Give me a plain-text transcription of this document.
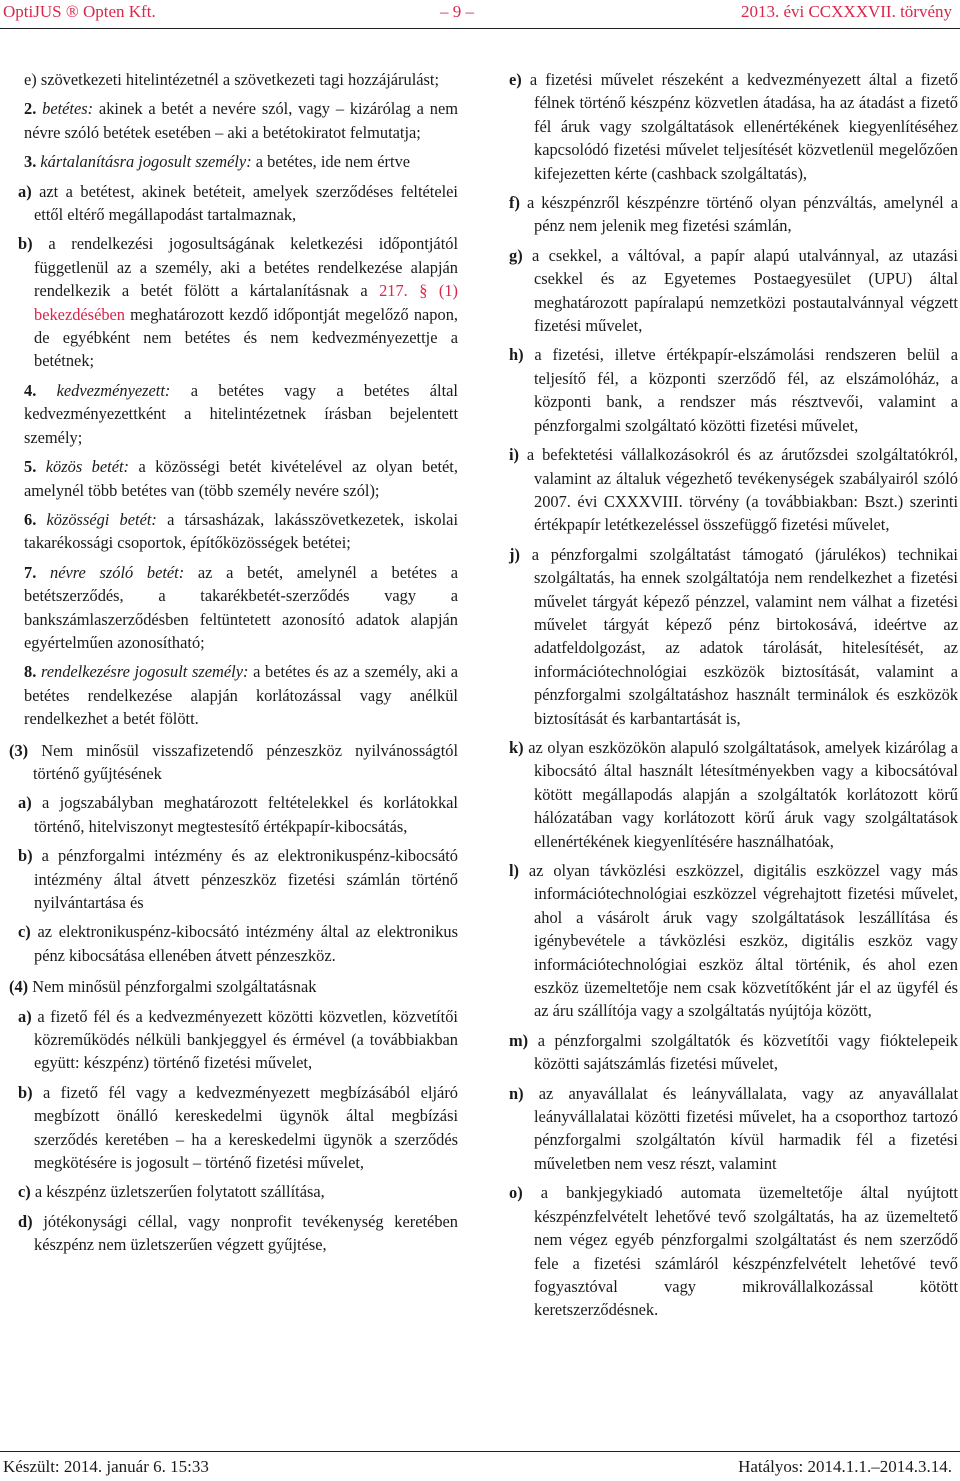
OptiJUS ® Opten Kft.	– 9 –	2013. évi CCXXXVII. törvény

e) szövetkezeti hitelintézetnél a szövetkezeti tagi hozzájárulást;

2. betétes: akinek a betét a nevére szól, vagy – kizárólag a nem névre szóló betétek esetében – aki a betétokiratot felmutatja;

3. kártalanításra jogosult személy: a betétes, ide nem értve

a) azt a betétest, akinek betéteit, amelyek szerződéses feltételei ettől eltérő megállapodást tartalmaznak,

b) a rendelkezési jogosultságának keletkezési időpontjától függetlenül az a személy, aki a betétes rendelkezése alapján rendelkezik a betét fölött a kártalanításnak a 217. § (1) bekezdésében meghatározott kezdő időpontját megelőző napon, de egyébként nem betétes és nem kedvezményezettje a betétnek;

4. kedvezményezett: a betétes vagy a betétes által kedvezményezettként a hitelintézetnek írásban bejelentett személy;

5. közös betét: a közösségi betét kivételével az olyan betét, amelynél több betétes van (több személy nevére szól);

6. közösségi betét: a társasházak, lakásszövetkezetek, iskolai takarékossági csoportok, építőközösségek betétei;

7. névre szóló betét: az a betét, amelynél a betétes a betétszerződés, a takarékbetét-szerződés vagy a bankszámlaszerződésben feltüntetett azonosító adatok alapján egyértelműen azonosítható;

8. rendelkezésre jogosult személy: a betétes és az a személy, aki a betétes rendelkezése alapján korlátozással vagy anélkül rendelkezhet a betét fölött.

(3) Nem minősül visszafizetendő pénzeszköz nyilvánosságtól történő gyűjtésének

a) a jogszabályban meghatározott feltételekkel és korlátokkal történő, hitelviszonyt megtestesítő értékpapír-kibocsátás,

b) a pénzforgalmi intézmény és az elektronikuspénz-kibocsátó intézmény által átvett pénzeszköz fizetési számlán történő nyilvántartása és

c) az elektronikuspénz-kibocsátó intézmény által az elektronikus pénz kibocsátása ellenében átvett pénzeszköz.

(4) Nem minősül pénzforgalmi szolgáltatásnak

a) a fizető fél és a kedvezményezett közötti közvetlen, közvetítői közreműködés nélküli bankjeggyel és érmével (a továbbiakban együtt: készpénz) történő fizetési művelet,

b) a fizető fél vagy a kedvezményezett megbízásából eljáró megbízott önálló kereskedelmi ügynök által megbízási szerződés keretében – ha a kereskedelmi ügynök a szerződés megkötésére is jogosult – történő fizetési művelet,

c) a készpénz üzletszerűen folytatott szállítása,

d) jótékonysági céllal, vagy nonprofit tevékenység keretében készpénz nem üzletszerűen végzett gyűjtése,

e) a fizetési művelet részeként a kedvezményezett által a fizető félnek történő készpénz közvetlen átadása, ha az átadást a fizető fél áruk vagy szolgáltatások ellenértékének kiegyenlítéséhez kapcsolódó fizetési művelet teljesítését közvetlenül megelőzően kifejezetten kérte (cashback szolgáltatás),

f) a készpénzről készpénzre történő olyan pénzváltás, amelynél a pénz nem jelenik meg fizetési számlán,

g) a csekkel, a váltóval, a papír alapú utalvánnyal, az utazási csekkel és az Egyetemes Postaegyesület (UPU) által meghatározott papíralapú nemzetközi postautalvánnyal végzett fizetési művelet,

h) a fizetési, illetve értékpapír-elszámolási rendszeren belül a teljesítő fél, a központi szerződő fél, az elszámolóház, a központi bank, a rendszer más résztvevői, valamint a pénzforgalmi szolgáltató közötti fizetési művelet,

i) a befektetési vállalkozásokról és az árutőzsdei szolgáltatókról, valamint az általuk végezhető tevékenységek szabályairól szóló 2007. évi CXXXVIII. törvény (a továbbiakban: Bszt.) szerinti értékpapír letétkezeléssel összefüggő fizetési művelet,

j) a pénzforgalmi szolgáltatást támogató (járulékos) technikai szolgáltatás, ha ennek szolgáltatója nem rendelkezhet a fizetési művelet tárgyát képező pénzzel, valamint nem válhat a fizetési művelet tárgyát képező pénz birtokosává, ideértve az adatfeldolgozást, az adatok tárolását, hitelesítését, az információtechnológiai eszközök biztosítását, valamint a pénzforgalmi szolgáltatáshoz használt terminálok és eszközök biztosítását és karbantartását is,

k) az olyan eszközökön alapuló szolgáltatások, amelyek kizárólag a kibocsátó által használt létesítményekben vagy a kibocsátóval kötött megállapodás alapján a szolgáltatók korlátozott körű hálózatában vagy korlátozott körű áruk vagy szolgáltatások ellenértékének kiegyenlítésére használhatóak,

l) az olyan távközlési eszközzel, digitális eszközzel vagy más információtechnológiai eszközzel végrehajtott fizetési művelet, ahol a vásárolt áruk vagy szolgáltatások leszállítása és igénybevétele a távközlési eszköz, digitális eszköz vagy információtechnológiai eszköz által történik, és ahol ezen eszköz üzemeltetője nem csak közvetítőként jár el az ügyfél és az áru szállítója vagy a szolgáltatás nyújtója között,

m) a pénzforgalmi szolgáltatók és közvetítői vagy fióktelepeik közötti sajátszámlás fizetési művelet,

n) az anyavállalat és leányvállalata, vagy az anyavállalat leányvállalatai közötti fizetési művelet, ha a csoporthoz tartozó pénzforgalmi szolgáltatón kívül harmadik fél a fizetési műveletben nem vesz részt, valamint

o) a bankjegykiadó automata üzemeltetője által nyújtott készpénzfelvételt lehetővé tevő szolgáltatás, ha az üzemeltető nem végez egyéb pénzforgalmi szolgáltatást és nem szerződő fele a fizetési számláról készpénzfelvételt lehetővé tevő fogyasztóval vagy mikrovállalkozással kötött keretszerződésnek.

Készült: 2014. január 6. 15:33	Hatályos: 2014.1.1.–2014.3.14.
